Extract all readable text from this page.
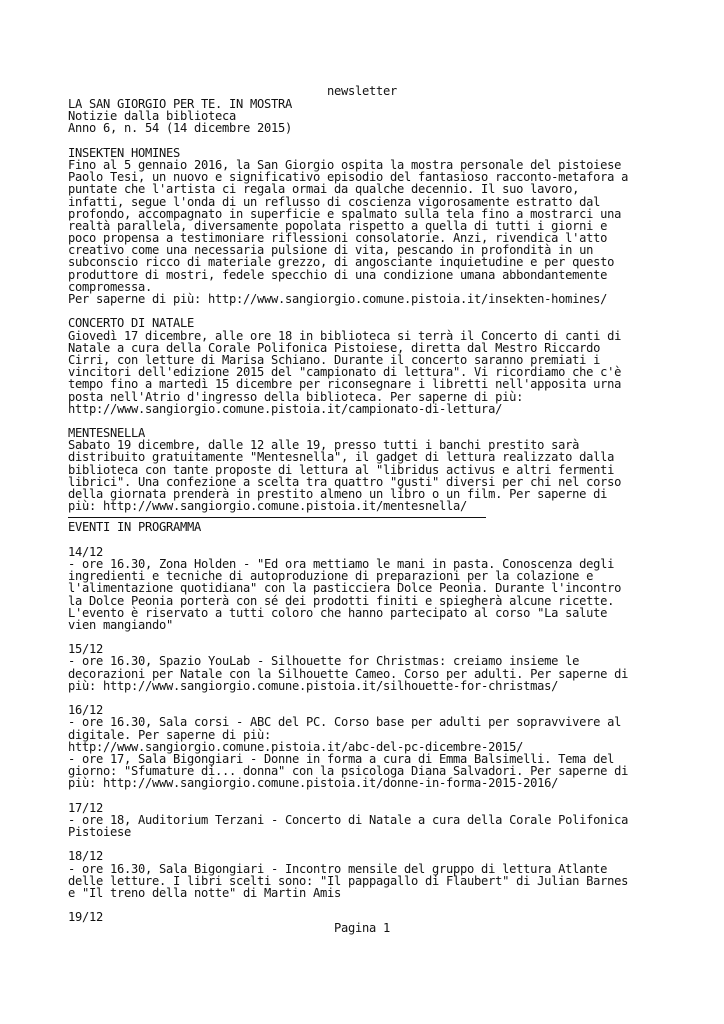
newsletter
LA SAN GIORGIO PER TE. IN MOSTRA
Notizie dalla biblioteca
Anno 6, n. 54 (14 dicembre 2015)
INSEKTEN HOMINES
Fino al 5 gennaio 2016, la San Giorgio ospita la mostra personale del pistoiese
Paolo Tesi, un nuovo e significativo episodio del fantasioso racconto-metafora a
puntate che l'artista ci regala ormai da qualche decennio. Il suo lavoro,
infatti, segue l'onda di un reflusso di coscienza vigorosamente estratto dal
profondo, accompagnato in superficie e spalmato sulla tela fino a mostrarci una
realtà parallela, diversamente popolata rispetto a quella di tutti i giorni e
poco propensa a testimoniare riflessioni consolatorie. Anzi, rivendica l'atto
creativo come una necessaria pulsione di vita, pescando in profondità in un
subconscio ricco di materiale grezzo, di angosciante inquietudine e per questo
produttore di mostri, fedele specchio di una condizione umana abbondantemente
compromessa.
Per saperne di più: http://www.sangiorgio.comune.pistoia.it/insekten-homines/
CONCERTO DI NATALE
Giovedì 17 dicembre, alle ore 18 in biblioteca si terrà il Concerto di canti di
Natale a cura della Corale Polifonica Pistoiese, diretta dal Mestro Riccardo
Cirri, con letture di Marisa Schiano. Durante il concerto saranno premiati i
vincitori dell'edizione 2015 del "campionato di lettura". Vi ricordiamo che c'è
tempo fino a martedì 15 dicembre per riconsegnare i libretti nell'apposita urna
posta nell'Atrio d'ingresso della biblioteca. Per saperne di più:
http://www.sangiorgio.comune.pistoia.it/campionato-di-lettura/
MENTESNELLA
Sabato 19 dicembre, dalle 12 alle 19, presso tutti i banchi prestito sarà
distribuito gratuitamente "Mentesnella", il gadget di lettura realizzato dalla
biblioteca con tante proposte di lettura al "libridus activus e altri fermenti
librici". Una confezione a scelta tra quattro "gusti" diversi per chi nel corso
della giornata prenderà in prestito almeno un libro o un film. Per saperne di
più: http://www.sangiorgio.comune.pistoia.it/mentesnella/
EVENTI IN PROGRAMMA
14/12
- ore 16.30, Zona Holden - "Ed ora mettiamo le mani in pasta. Conoscenza degli
ingredienti e tecniche di autoproduzione di preparazioni per la colazione e
l'alimentazione quotidiana" con la pasticciera Dolce Peonia. Durante l'incontro
la Dolce Peonia porterà con sé dei prodotti finiti e spiegherà alcune ricette.
L'evento è riservato a tutti coloro che hanno partecipato al corso "La salute
vien mangiando"
15/12
- ore 16.30, Spazio YouLab - Silhouette for Christmas: creiamo insieme le
decorazioni per Natale con la Silhouette Cameo. Corso per adulti. Per saperne di
più: http://www.sangiorgio.comune.pistoia.it/silhouette-for-christmas/
16/12
- ore 16.30, Sala corsi - ABC del PC. Corso base per adulti per sopravvivere al
digitale. Per saperne di più:
http://www.sangiorgio.comune.pistoia.it/abc-del-pc-dicembre-2015/
- ore 17, Sala Bigongiari - Donne in forma a cura di Emma Balsimelli. Tema del
giorno: "Sfumature di... donna" con la psicologa Diana Salvadori. Per saperne di
più: http://www.sangiorgio.comune.pistoia.it/donne-in-forma-2015-2016/
17/12
- ore 18, Auditorium Terzani - Concerto di Natale a cura della Corale Polifonica
Pistoiese
18/12
- ore 16.30, Sala Bigongiari - Incontro mensile del gruppo di lettura Atlante
delle letture. I libri scelti sono: "Il pappagallo di Flaubert" di Julian Barnes
e "Il treno della notte" di Martin Amis
19/12
Pagina 1
